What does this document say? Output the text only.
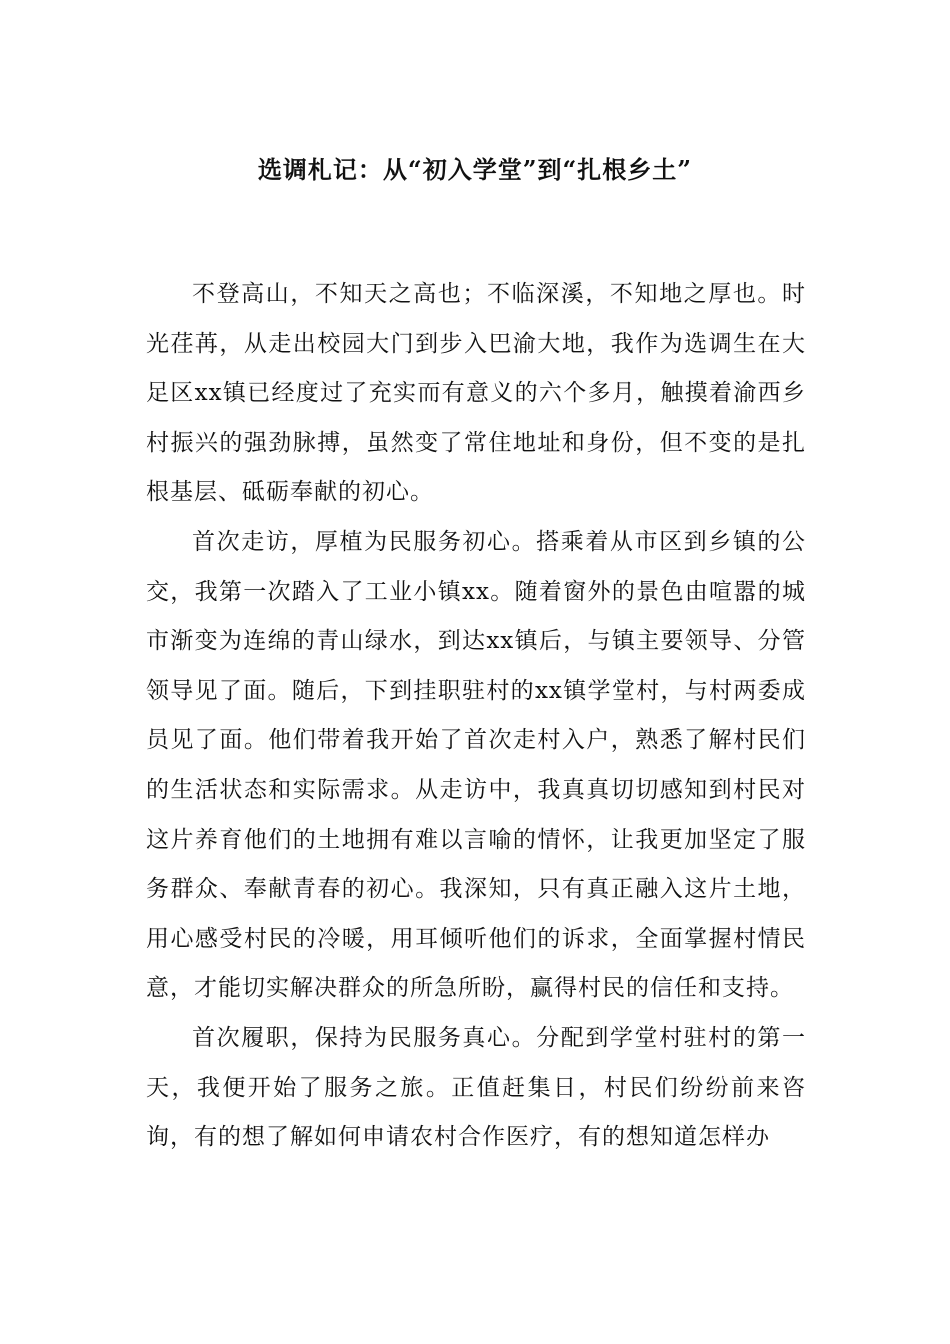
选调札记：从“初入学堂”到“扎根乡土”

不登高山，不知天之高也；不临深溪，不知地之厚也。时光荏苒，从走出校园大门到步入巴渝大地，我作为选调生在大足区xx镇已经度过了充实而有意义的六个多月，触摸着渝西乡村振兴的强劲脉搏，虽然变了常住地址和身份，但不变的是扎根基层、砥砺奉献的初心。

首次走访，厚植为民服务初心。搭乘着从市区到乡镇的公交，我第一次踏入了工业小镇xx。随着窗外的景色由喧嚣的城市渐变为连绵的青山绿水，到达xx镇后，与镇主要领导、分管领导见了面。随后，下到挂职驻村的xx镇学堂村，与村两委成员见了面。他们带着我开始了首次走村入户，熟悉了解村民们的生活状态和实际需求。从走访中，我真真切切感知到村民对这片养育他们的土地拥有难以言喻的情怀，让我更加坚定了服务群众、奉献青春的初心。我深知，只有真正融入这片土地，用心感受村民的冷暖，用耳倾听他们的诉求，全面掌握村情民意，才能切实解决群众的所急所盼，赢得村民的信任和支持。

首次履职，保持为民服务真心。分配到学堂村驻村的第一天，我便开始了服务之旅。正值赶集日，村民们纷纷前来咨询，有的想了解如何申请农村合作医疗，有的想知道怎样办
